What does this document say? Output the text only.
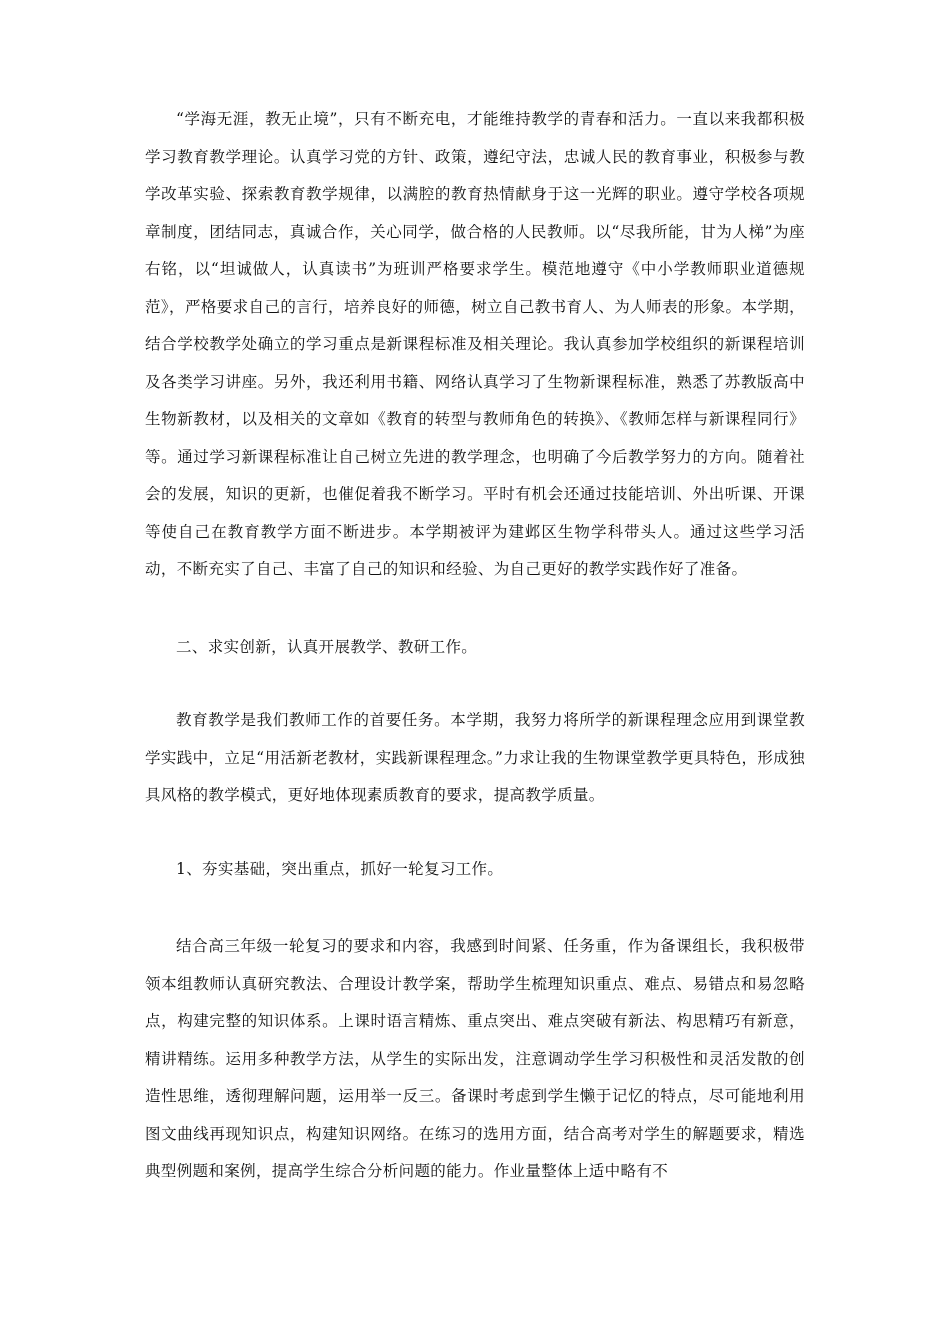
“学海无涯，教无止境”，只有不断充电，才能维持教学的青春和活力。一直以来我都积极学习教育教学理论。认真学习党的方针、政策，遵纪守法，忠诚人民的教育事业，积极参与教学改革实验、探索教育教学规律，以满腔的教育热情献身于这一光辉的职业。遵守学校各项规章制度，团结同志，真诚合作，关心同学，做合格的人民教师。以“尽我所能，甘为人梯”为座右铭，以“坦诚做人，认真读书”为班训严格要求学生。模范地遵守《中小学教师职业道德规范》，严格要求自己的言行，培养良好的师德，树立自己教书育人、为人师表的形象。本学期，结合学校教学处确立的学习重点是新课程标准及相关理论。我认真参加学校组织的新课程培训及各类学习讲座。另外，我还利用书籍、网络认真学习了生物新课程标准，熟悉了苏教版高中生物新教材，以及相关的文章如《教育的转型与教师角色的转换》、《教师怎样与新课程同行》等。通过学习新课程标准让自己树立先进的教学理念，也明确了今后教学努力的方向。随着社会的发展，知识的更新，也催促着我不断学习。平时有机会还通过技能培训、外出听课、开课等使自己在教育教学方面不断进步。本学期被评为建邺区生物学科带头人。通过这些学习活动，不断充实了自己、丰富了自己的知识和经验、为自己更好的教学实践作好了准备。

二、求实创新，认真开展教学、教研工作。

教育教学是我们教师工作的首要任务。本学期，我努力将所学的新课程理念应用到课堂教学实践中，立足“用活新老教材，实践新课程理念。”力求让我的生物课堂教学更具特色，形成独具风格的教学模式，更好地体现素质教育的要求，提高教学质量。

1、夯实基础，突出重点，抓好一轮复习工作。

结合高三年级一轮复习的要求和内容，我感到时间紧、任务重，作为备课组长，我积极带领本组教师认真研究教法、合理设计教学案，帮助学生梳理知识重点、难点、易错点和易忽略点，构建完整的知识体系。上课时语言精炼、重点突出、难点突破有新法、构思精巧有新意，精讲精练。运用多种教学方法，从学生的实际出发，注意调动学生学习积极性和灵活发散的创造性思维，透彻理解问题，运用举一反三。备课时考虑到学生懒于记忆的特点，尽可能地利用图文曲线再现知识点，构建知识网络。在练习的选用方面，结合高考对学生的解题要求，精选典型例题和案例，提高学生综合分析问题的能力。作业量整体上适中略有不
